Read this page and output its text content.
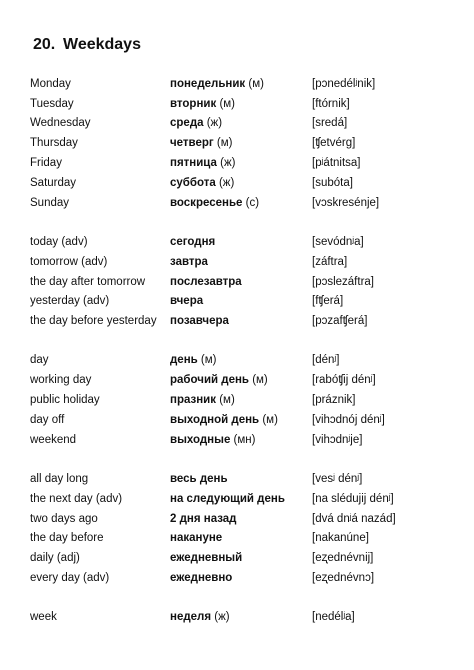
20. Weekdays
Monday	понедельник (м)	[pɔnedélʲnik]
Tuesday	вторник (м)	[ftórnik]
Wednesday	среда (ж)	[sredá]
Thursday	четверг (м)	[ʧetvérg]
Friday	пятница (ж)	[pʲátnitsa]
Saturday	суббота (ж)	[subóta]
Sunday	воскресенье (с)	[vɔskresénje]
today (adv)	сегодня	[sevódnʲa]
tomorrow (adv)	завтра	[záftra]
the day after tomorrow	послезавтра	[pɔslezáftra]
yesterday (adv)	вчера	[fʧerá]
the day before yesterday	позавчера	[pɔzafʧerá]
day	день (м)	[dénʲ]
working day	рабочий день (м)	[rabóʧij dénʲ]
public holiday	празник (м)	[práznik]
day off	выходной день (м)	[vihɔdnój dénʲ]
weekend	выходные (мн)	[vihɔdnʲje]
all day long	весь день	[vesʲ dénʲ]
the next day (adv)	на следующий день	[na slédujij dénʲ]
two days ago	2 дня назад	[dvá dnʲá nazád]
the day before	накануне	[nakanúne]
daily (adj)	ежедневный	[eʐednévnij]
every day (adv)	ежедневно	[eʐednévnɔ]
week	неделя (ж)	[nedélʲa]
